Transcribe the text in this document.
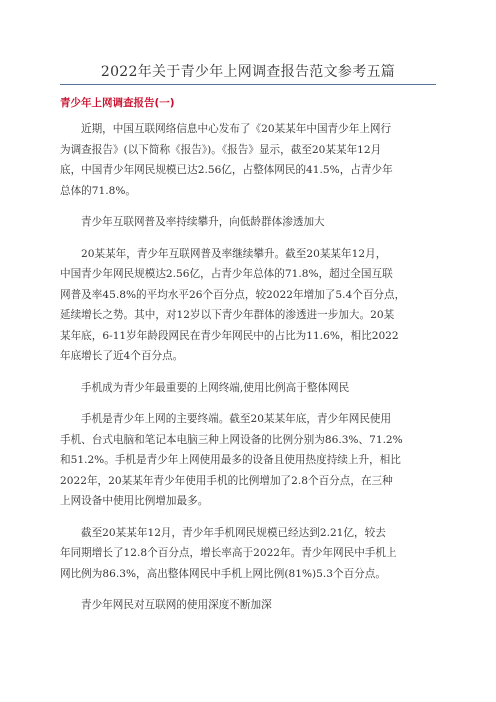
2022年关于青少年上网调查报告范文参考五篇
青少年上网调查报告(一)
近期，中国互联网络信息中心发布了《20某某年中国青少年上网行
为调查报告》(以下简称《报告》)。《报告》显示，截至20某某年12月
底，中国青少年网民规模已达2.56亿，占整体网民的41.5%，占青少年
总体的71.8%。
青少年互联网普及率持续攀升，向低龄群体渗透加大
20某某年，青少年互联网普及率继续攀升。截至20某某年12月，
中国青少年网民规模达2.56亿，占青少年总体的71.8%，超过全国互联
网普及率45.8%的平均水平26个百分点，较2022年增加了5.4个百分点，
延续增长之势。其中，对12岁以下青少年群体的渗透进一步加大。20某
某年底，6-11岁年龄段网民在青少年网民中的占比为11.6%，相比2022
年底增长了近4个百分点。
手机成为青少年最重要的上网终端,使用比例高于整体网民
手机是青少年上网的主要终端。截至20某某年底，青少年网民使用
手机、台式电脑和笔记本电脑三种上网设备的比例分别为86.3%、71.2%
和51.2%。手机是青少年上网使用最多的设备且使用热度持续上升，相比
2022年，20某某年青少年使用手机的比例增加了2.8个百分点，在三种
上网设备中使用比例增加最多。
截至20某某年12月，青少年手机网民规模已经达到2.21亿，较去
年同期增长了12.8个百分点，增长率高于2022年。青少年网民中手机上
网比例为86.3%，高出整体网民中手机上网比例(81%)5.3个百分点。
青少年网民对互联网的使用深度不断加深
